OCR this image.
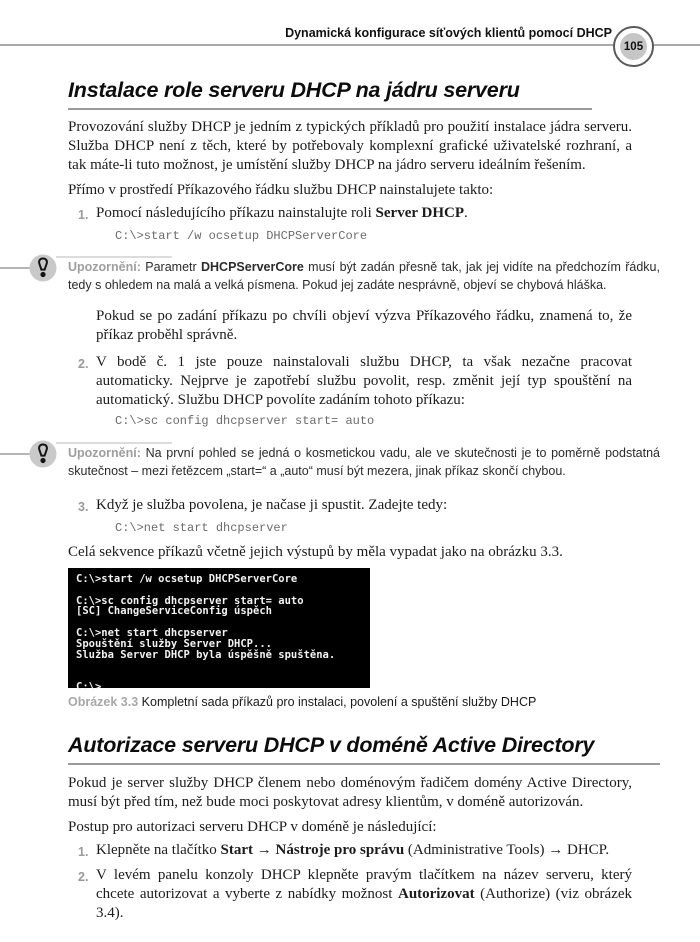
Dynamická konfigurace síťových klientů pomocí DHCP
105
Instalace role serveru DHCP na jádru serveru

Provozování služby DHCP je jedním z typických příkladů pro použití instalace jádra serveru. Služba DHCP není z těch, které by potřebovaly komplexní grafické uživatelské rozhraní, a tak máte-li tuto možnost, je umístění služby DHCP na jádro serveru ideálním řešením.

Přímo v prostředí Příkazového řádku službu DHCP nainstalujete takto:

1. Pomocí následujícího příkazu nainstalujte roli Server DHCP.
C:\>start /w ocsetup DHCPServerCore
Upozornění: Parametr DHCPServerCore musí být zadán přesně tak, jak jej vidíte na předchozím řádku, tedy s ohledem na malá a velká písmena. Pokud jej zadáte nesprávně, objeví se chybová hláška.

Pokud se po zadání příkazu po chvíli objeví výzva Příkazového řádku, znamená to, že příkaz proběhl správně.

2. V bodě č. 1 jste pouze nainstalovali službu DHCP, ta však nezačne pracovat automaticky. Nejprve je zapotřebí službu povolit, resp. změnit její typ spouštění na automatický. Službu DHCP povolíte zadáním tohoto příkazu:
C:\>sc config dhcpserver start= auto
Upozornění: Na první pohled se jedná o kosmetickou vadu, ale ve skutečnosti je to poměrně podstatná skutečnost – mezi řetězcem „start=“ a „auto“ musí být mezera, jinak příkaz skončí chybou.
3. Když je služba povolena, je načase ji spustit. Zadejte tedy:
C:\>net start dhcpserver

Celá sekvence příkazů včetně jejich výstupů by měla vypadat jako na obrázku 3.3.

C:\>start /w ocsetup DHCPServerCore

C:\>sc config dhcpserver start= auto
[SC] ChangeServiceConfig úspěch

C:\>net start dhcpserver
Spouštění služby Server DHCP...
Služba Server DHCP byla úspěšně spuštěna.

C:\>
Obrázek 3.3 Kompletní sada příkazů pro instalaci, povolení a spuštění služby DHCP
Autorizace serveru DHCP v doméně Active Directory

Pokud je server služby DHCP členem nebo doménovým řadičem domény Active Directory, musí být před tím, než bude moci poskytovat adresy klientům, v doméně autorizován.

Postup pro autorizaci serveru DHCP v doméně je následující:

1. Klepněte na tlačítko Start → Nástroje pro správu (Administrative Tools) → DHCP.
2. V levém panelu konzoly DHCP klepněte pravým tlačítkem na název serveru, který chcete autorizovat a vyberte z nabídky možnost Autorizovat (Authorize) (viz obrázek 3.4).
